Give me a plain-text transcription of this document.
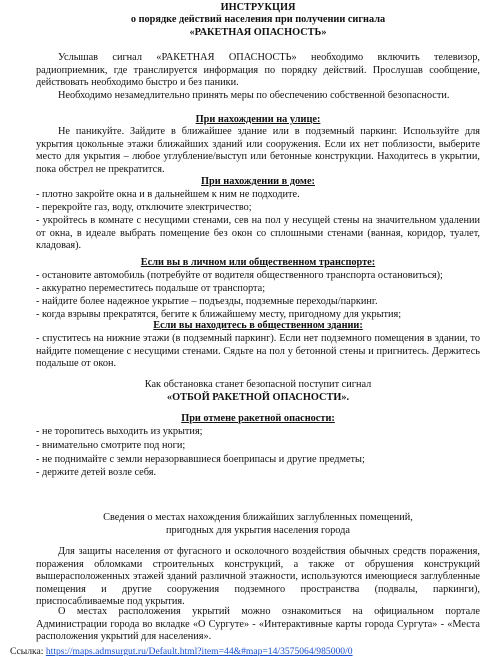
ИНСТРУКЦИЯ
о порядке действий населения при получении сигнала
«РАКЕТНАЯ ОПАСНОСТЬ»
Услышав сигнал «РАКЕТНАЯ ОПАСНОСТЬ» необходимо включить телевизор, радиоприемник, где транслируется информация по порядку действий. Прослушав сообщение, действовать необходимо быстро и без паники.
Необходимо незамедлительно принять меры по обеспечению собственной безопасности.
При нахождении на улице:
Не паникуйте. Зайдите в ближайшее здание или в подземный паркинг. Используйте для укрытия цокольные этажи ближайших зданий или сооружения. Если их нет поблизости, выберите место для укрытия – любое углубление/выступ или бетонные конструкции. Находитесь в укрытии, пока обстрел не прекратится.
При нахождении в доме:
- плотно закройте окна и в дальнейшем к ним не подходите.
- перекройте газ, воду, отключите электричество;
- укройтесь в комнате с несущими стенами, сев на пол у несущей стены на значительном удалении от окна, в идеале выбрать помещение без окон со сплошными стенами (ванная, коридор, туалет, кладовая).
Если вы в личном или общественном транспорте:
- остановите автомобиль (потребуйте от водителя общественного транспорта остановиться);
- аккуратно переместитесь подальше от транспорта;
- найдите более надежное укрытие – подъезды, подземные переходы/паркинг.
- когда взрывы прекратятся, бегите к ближайшему месту, пригодному для укрытия;
Если вы находитесь в общественном здании:
- спуститесь на нижние этажи (в подземный паркинг). Если нет подземного помещения в здании, то найдите помещение с несущими стенами. Сядьте на пол у бетонной стены и пригнитесь. Держитесь подальше от окон.
Как обстановка станет безопасной поступит сигнал
«ОТБОЙ РАКЕТНОЙ ОПАСНОСТИ».
При отмене ракетной опасности:
- не торопитесь выходить из укрытия;
- внимательно смотрите под ноги;
- не поднимайте с земли неразорвавшиеся боеприпасы и другие предметы;
- держите детей возле себя.
Сведения о местах нахождения ближайших заглубленных помещений,
пригодных для укрытия населения города
Для защиты населения от фугасного и осколочного воздействия обычных средств поражения, поражения обломками строительных конструкций, а также от обрушения конструкций вышерасположенных этажей зданий различной этажности, используются имеющиеся заглубленные помещения и другие сооружения подземного пространства (подвалы, паркинги), приспосабливаемые под укрытия.
О местах расположения укрытий можно ознакомиться на официальном портале Администрации города во вкладке «О Сургуте» - «Интерактивные карты города Сургута» - «Места расположения укрытий для населения».
Ссылка: https://maps.admsurgut.ru/Default.html?item=44&#map=14/3575064/985000/0
